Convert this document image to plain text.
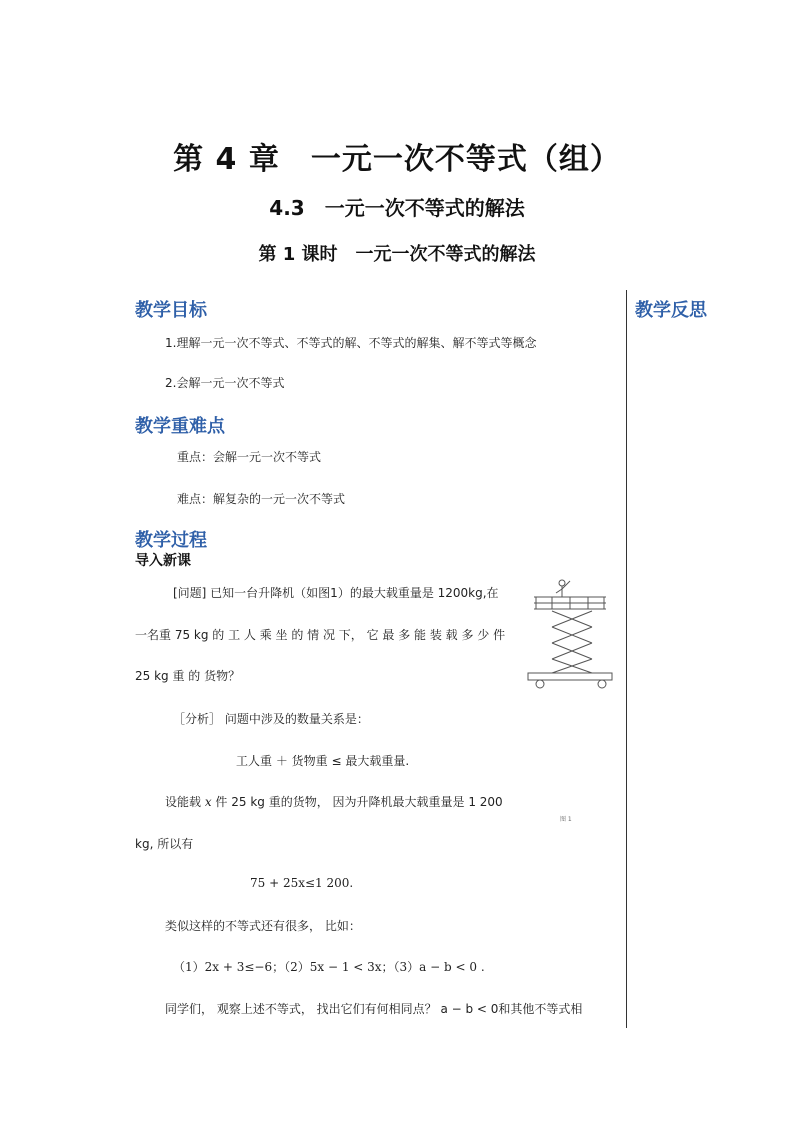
第 4 章　一元一次不等式（组）
4.3　一元一次不等式的解法
第 1 课时　一元一次不等式的解法
教学反思
教学目标
1.理解一元一次不等式、不等式的解、不等式的解集、解不等式等概念
2.会解一元一次不等式
教学重难点
重点：会解一元一次不等式
难点：解复杂的一元一次不等式
教学过程
导入新课
[问题] 已知一台升降机（如图1）的最大载重量是 1200kg,在
一名重 75 kg 的 工 人 乘 坐 的 情 况 下， 它 最 多 能 装 载 多 少 件
25 kg 重 的 货物？
［分析］ 问题中涉及的数量关系是：
工人重 ＋ 货物重 ≤ 最大载重量.
设能载 x 件 25 kg 重的货物， 因为升降机最大载重量是 1 200
图 1
kg, 所以有
75 + 25x≤1 200.
类似这样的不等式还有很多， 比如：
（1）2x + 3≤−6；（2）5x − 1 < 3x；（3）a − b < 0 .
同学们， 观察上述不等式， 找出它们有何相同点？ a − b < 0和其他不等式相
